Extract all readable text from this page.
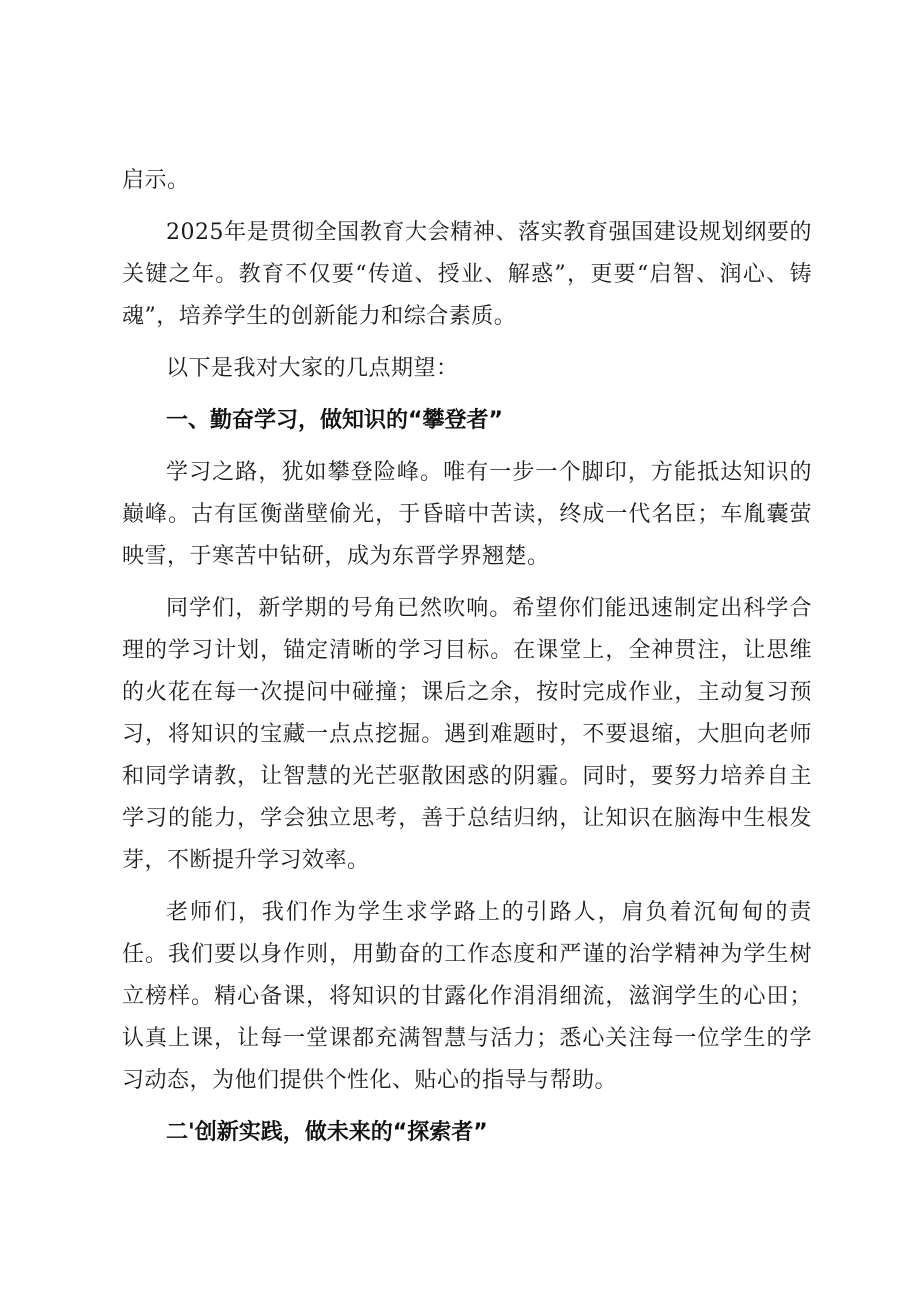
启示。

2025年是贯彻全国教育大会精神、落实教育强国建设规划纲要的关键之年。教育不仅要“传道、授业、解惑”，更要“启智、润心、铸魂”，培养学生的创新能力和综合素质。

以下是我对大家的几点期望：

一、勤奋学习，做知识的“攀登者”

学习之路，犹如攀登险峰。唯有一步一个脚印，方能抵达知识的巅峰。古有匡衡凿壁偷光，于昏暗中苦读，终成一代名臣；车胤囊萤映雪，于寒苦中钻研，成为东晋学界翘楚。

同学们，新学期的号角已然吹响。希望你们能迅速制定出科学合理的学习计划，锚定清晰的学习目标。在课堂上，全神贯注，让思维的火花在每一次提问中碰撞；课后之余，按时完成作业，主动复习预习，将知识的宝藏一点点挖掘。遇到难题时，不要退缩，大胆向老师和同学请教，让智慧的光芒驱散困惑的阴霾。同时，要努力培养自主学习的能力，学会独立思考，善于总结归纳，让知识在脑海中生根发芽，不断提升学习效率。

老师们，我们作为学生求学路上的引路人，肩负着沉甸甸的责任。我们要以身作则，用勤奋的工作态度和严谨的治学精神为学生树立榜样。精心备课，将知识的甘露化作涓涓细流，滋润学生的心田；认真上课，让每一堂课都充满智慧与活力；悉心关注每一位学生的学习动态，为他们提供个性化、贴心的指导与帮助。

二'创新实践，做未来的“探索者”
